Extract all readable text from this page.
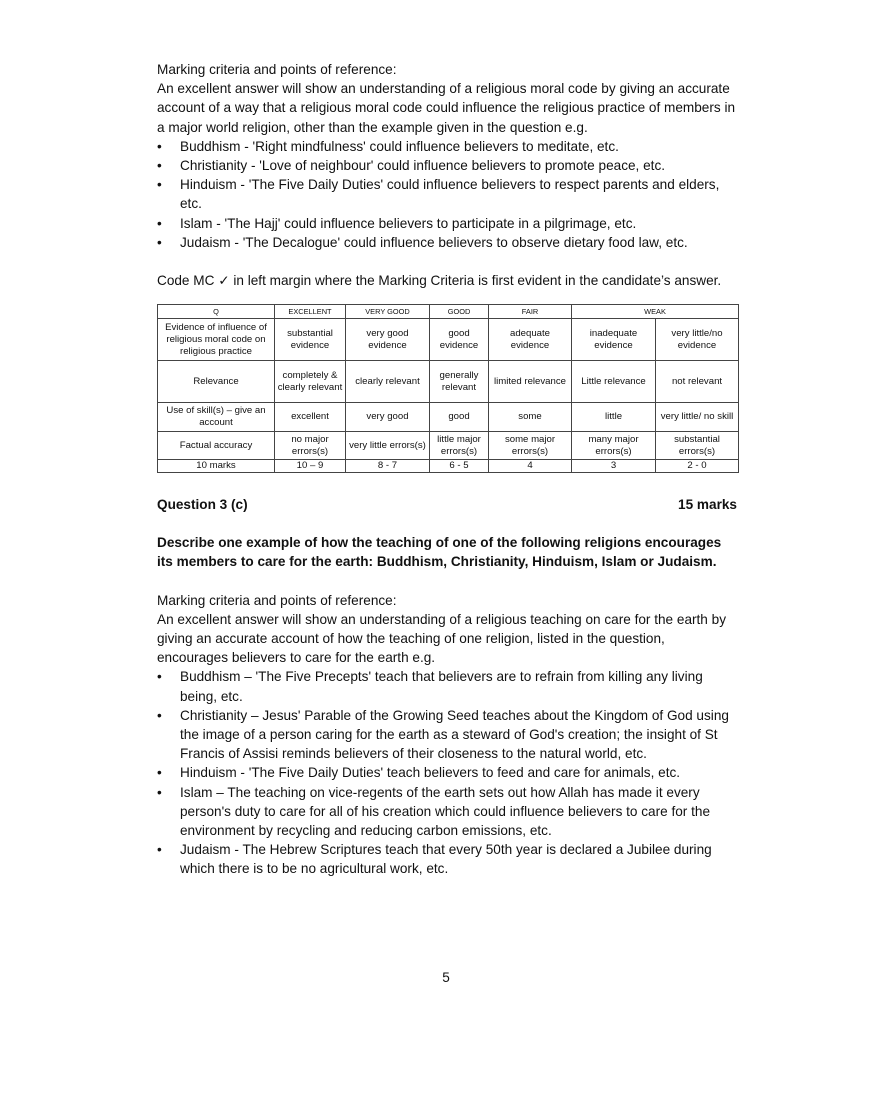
Marking criteria and points of reference:

An excellent answer will show an understanding of a religious moral code by giving an accurate account of a way that a religious moral code could influence the religious practice of members in a major world religion, other than the example given in the question e.g.

• Buddhism - 'Right mindfulness' could influence believers to meditate, etc.
• Christianity - 'Love of neighbour' could influence believers to promote peace, etc.
• Hinduism - 'The Five Daily Duties' could influence believers to respect parents and elders, etc.
• Islam - 'The Hajj' could influence believers to participate in a pilgrimage, etc.
• Judaism - 'The Decalogue' could influence believers to observe dietary food law, etc.

Code MC ✓ in left margin where the Marking Criteria is first evident in the candidate’s answer.

Q	EXCELLENT	VERY GOOD	GOOD	FAIR	WEAK	
Evidence of influence of religious moral code on religious practice	substantial evidence	very good evidence	good evidence	adequate evidence	inadequate evidence	very little/no evidence
Relevance	completely & clearly relevant	clearly relevant	generally relevant	limited relevance	Little relevance	not relevant
Use of skill(s) – give an account	excellent	very good	good	some	little	very little/ no skill
Factual accuracy	no major errors(s)	very little errors(s)	little major errors(s)	some major errors(s)	many major errors(s)	substantial errors(s)
10 marks	10 – 9	8 - 7	6 - 5	4	3	2 - 0
Question 3 (c)	15 marks

Describe one example of how the teaching of one of the following religions encourages its members to care for the earth: Buddhism, Christianity, Hinduism, Islam or Judaism.

Marking criteria and points of reference:

An excellent answer will show an understanding of a religious teaching on care for the earth by giving an accurate account of how the teaching of one religion, listed in the question, encourages believers to care for the earth e.g.

• Buddhism – 'The Five Precepts' teach that believers are to refrain from killing any living being, etc.
• Christianity – Jesus' Parable of the Growing Seed teaches about the Kingdom of God using the image of a person caring for the earth as a steward of God's creation; the insight of St Francis of Assisi reminds believers of their closeness to the natural world, etc.
• Hinduism - 'The Five Daily Duties' teach believers to feed and care for animals, etc.
• Islam – The teaching on vice-regents of the earth sets out how Allah has made it every person's duty to care for all of his creation which could influence believers to care for the environment by recycling and reducing carbon emissions, etc.
• Judaism - The Hebrew Scriptures teach that every 50th year is declared a Jubilee during which there is to be no agricultural work, etc.
5
